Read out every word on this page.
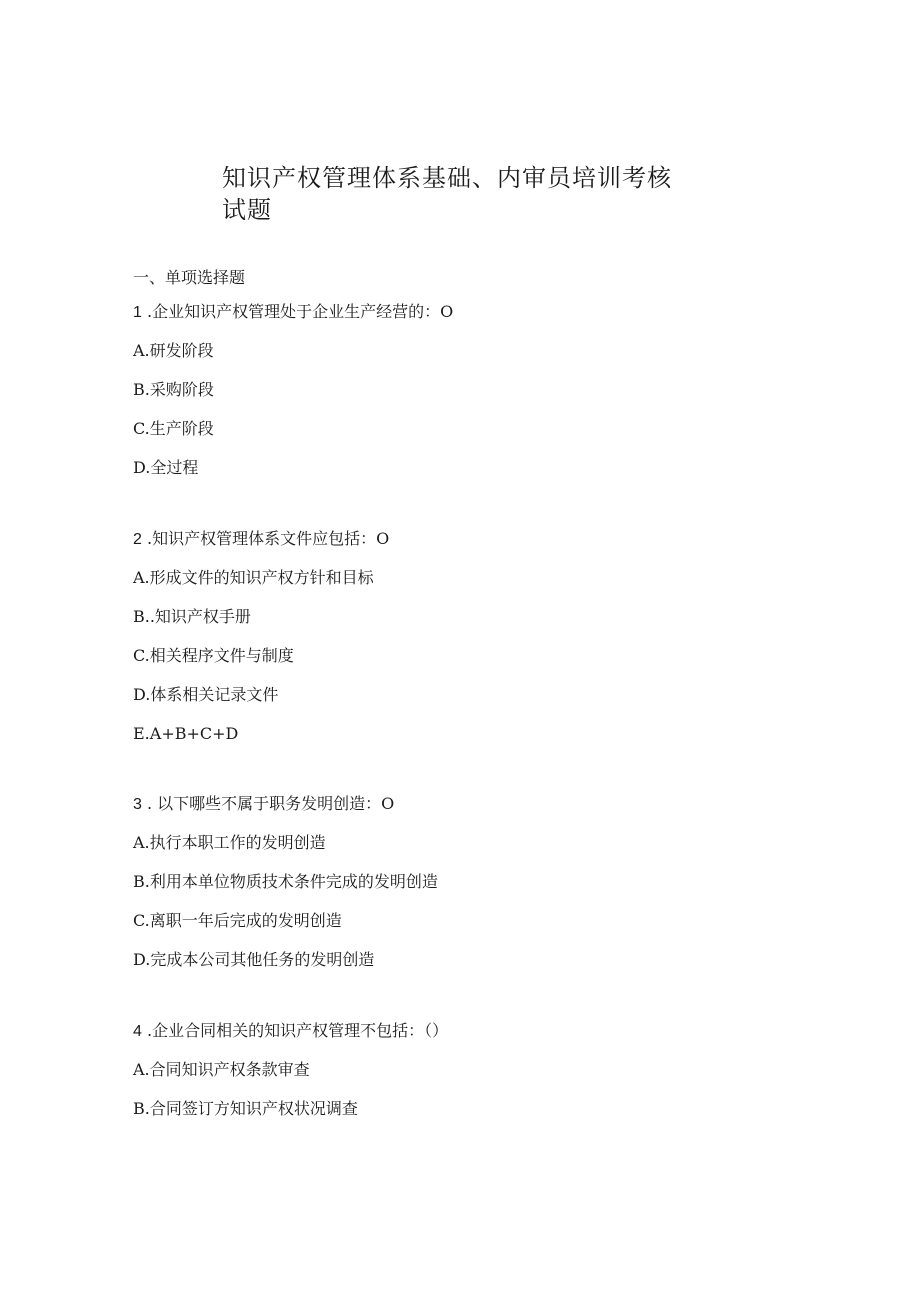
知识产权管理体系基础、内审员培训考核试题
一、单项选择题
1 .企业知识产权管理处于企业生产经营的：O
A.研发阶段
B.采购阶段
C.生产阶段
D.全过程
2 .知识产权管理体系文件应包括：O
A.形成文件的知识产权方针和目标
B..知识产权手册
C.相关程序文件与制度
D.体系相关记录文件
E.A+B+C+D
3 . 以下哪些不属于职务发明创造：O
A.执行本职工作的发明创造
B.利用本单位物质技术条件完成的发明创造
C.离职一年后完成的发明创造
D.完成本公司其他任务的发明创造
4 .企业合同相关的知识产权管理不包括：（）
A.合同知识产权条款审查
B.合同签订方知识产权状况调查
